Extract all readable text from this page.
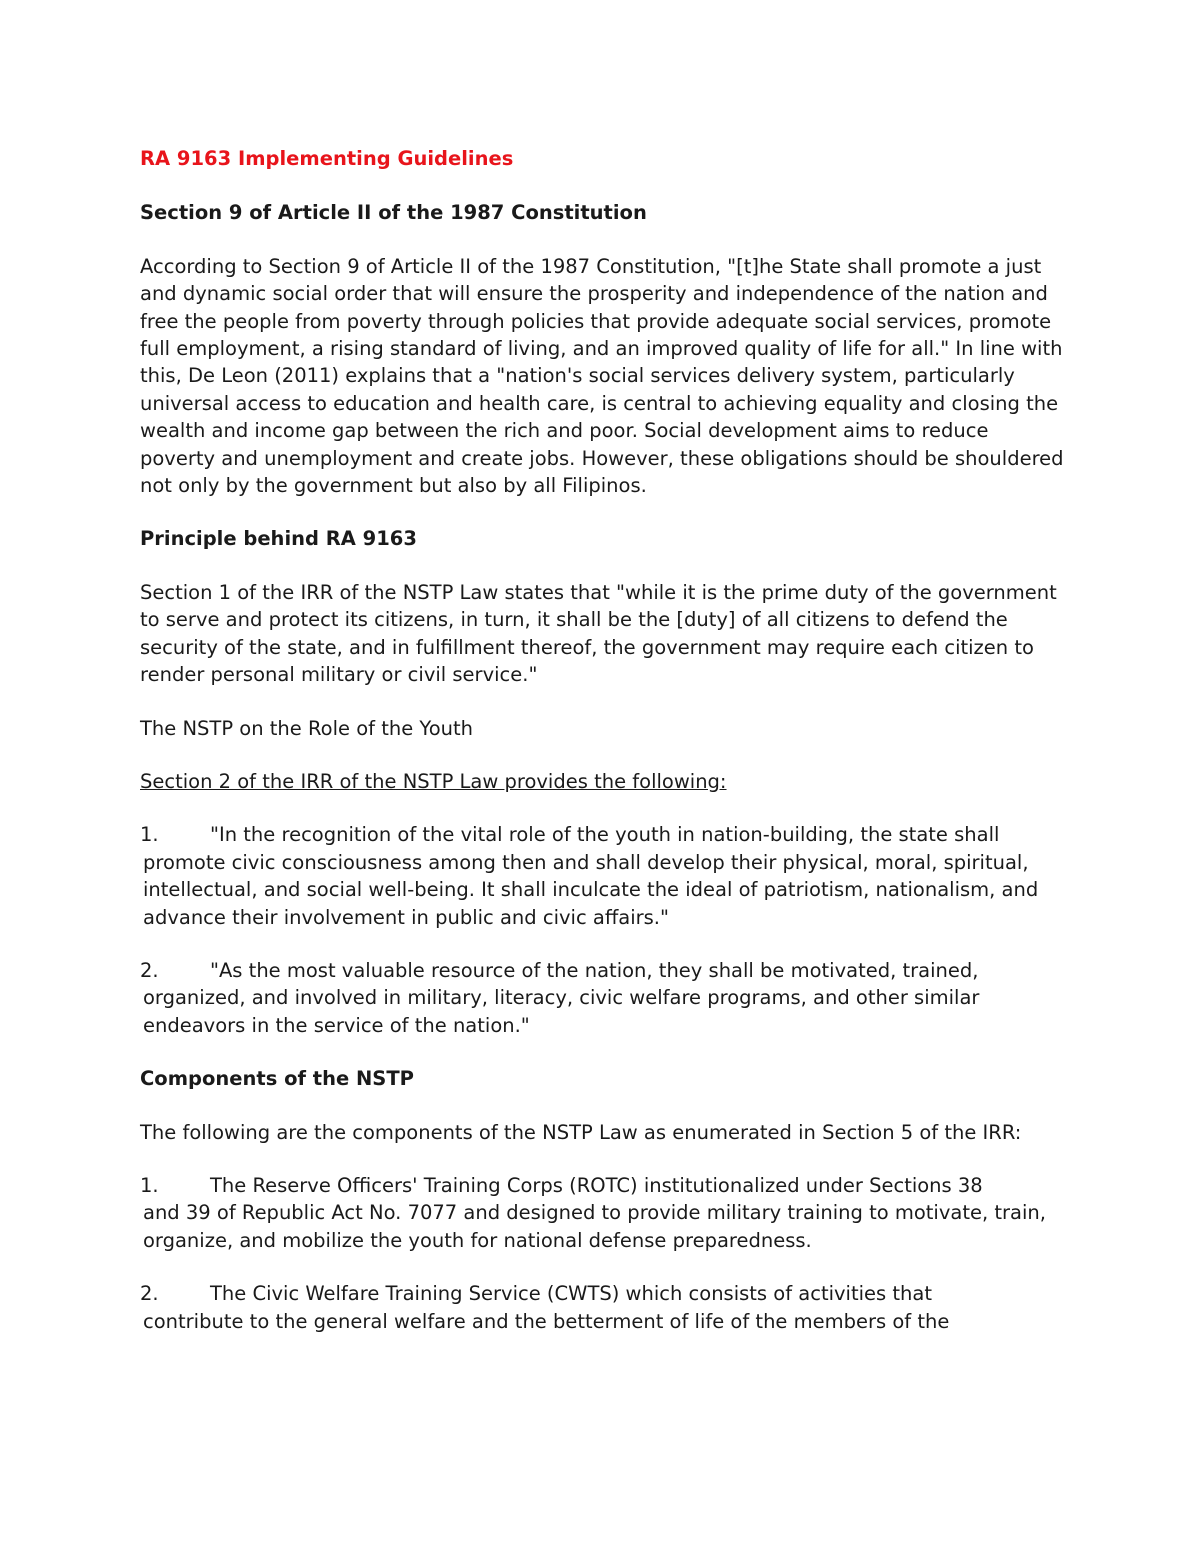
RA 9163 Implementing Guidelines
Section 9 of Article II of the 1987 Constitution

According to Section 9 of Article II of the 1987 Constitution, "[t]he State shall promote a just and dynamic social order that will ensure the prosperity and independence of the nation and free the people from poverty through policies that provide adequate social services, promote full employment, a rising standard of living, and an improved quality of life for all." In line with this, De Leon (2011) explains that a "nation's social services delivery system, particularly universal access to education and health care, is central to achieving equality and closing the wealth and income gap between the rich and poor. Social development aims to reduce poverty and unemployment and create jobs. However, these obligations should be shouldered not only by the government but also by all Filipinos.

Principle behind RA 9163

Section 1 of the IRR of the NSTP Law states that "while it is the prime duty of the government to serve and protect its citizens, in turn, it shall be the [duty] of all citizens to defend the security of the state, and in fulfillment thereof, the government may require each citizen to render personal military or civil service."

The NSTP on the Role of the Youth
Section 2 of the IRR of the NSTP Law provides the following:
1.	"In the recognition of the vital role of the youth in nation-building, the state shall
promote civic consciousness among then and shall develop their physical, moral, spiritual, intellectual, and social well-being. It shall inculcate the ideal of patriotism, nationalism, and advance their involvement in public and civic affairs."
2.	"As the most valuable resource of the nation, they shall be motivated, trained,
organized, and involved in military, literacy, civic welfare programs, and other similar endeavors in the service of the nation."
Components of the NSTP

The following are the components of the NSTP Law as enumerated in Section 5 of the IRR:

1.	The Reserve Officers' Training Corps (ROTC) institutionalized under Sections 38
and 39 of Republic Act No. 7077 and designed to provide military training to motivate, train, organize, and mobilize the youth for national defense preparedness.
2.	The Civic Welfare Training Service (CWTS) which consists of activities that
contribute to the general welfare and the betterment of life of the members of the
